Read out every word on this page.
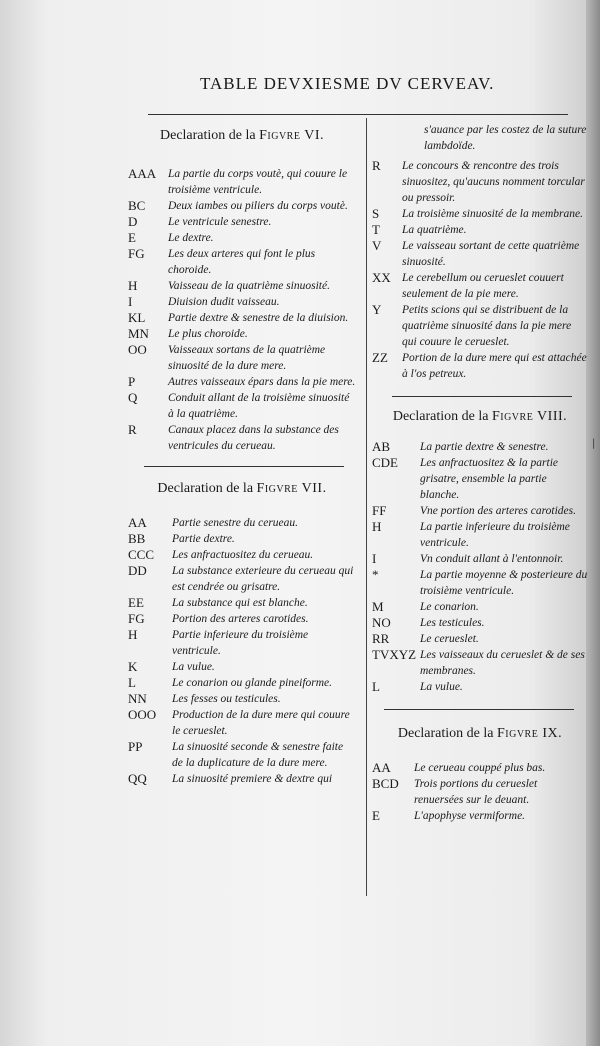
TABLE DEVXIESME DV CERVEAV.

Declaration de la Figvre VI.

AAA	La partie du corps voutè, qui couure le troisième ventricule.
BC	Deux iambes ou piliers du corps voutè.
D	Le ventricule senestre.
E	Le dextre.
FG	Les deux arteres qui font le plus choroide.
H	Vaisseau de la quatrième sinuosité.
I	Diuision dudit vaisseau.
KL	Partie dextre & senestre de la diuision.
MN	Le plus choroide.
OO	Vaisseaux sortans de la quatrième sinuosité de la dure mere.
P	Autres vaisseaux épars dans la pie mere.
Q	Conduit allant de la troisième sinuosité à la quatrième.
R	Canaux placez dans la substance des ventricules du cerueau.

Declaration de la Figvre VII.

AA	Partie senestre du cerueau.
BB	Partie dextre.
CCC	Les anfractuositez du cerueau.
DD	La substance exterieure du cerueau qui est cendrée ou grisatre.
EE	La substance qui est blanche.
FG	Portion des arteres carotides.
H	Partie inferieure du troisième ventricule.
K	La vulue.
L	Le conarion ou glande pineiforme.
NN	Les fesses ou testicules.
OOO	Production de la dure mere qui couure le cerueslet.
PP	La sinuosité seconde & senestre faite de la duplicature de la dure mere.
QQ	La sinuosité premiere & dextre qui
s'auance par les costez de la suture lambdoïde.
R	Le concours & rencontre des trois sinuositez, qu'aucuns nomment torcular ou pressoir.
S	La troisième sinuosité de la membrane.
T	La quatrième.
V	Le vaisseau sortant de cette quatrième sinuosité.
XX Le cerebellum ou cerueslet couuert seulement de la pie mere.
Y	Petits scions qui se distribuent de la quatrième sinuosité dans la pie mere qui couure le cerueslet.
ZZ	Portion de la dure mere qui est attachée à l'os petreux.

Declaration de la Figvre VIII.

AB	La partie dextre & senestre.
CDE	Les anfractuositez & la partie grisatre, ensemble la partie blanche.
FF	Vne portion des arteres carotides.
H	La partie inferieure du troisième ventricule.
I	Vn conduit allant à l'entonnoir.
*	La partie moyenne & posterieure du troisième ventricule.
M	Le conarion.
NO	Les testicules.
RR	Le cerueslet.
TVXYZ Les vaisseaux du cerueslet & de ses membranes.
L	La vulue.

Declaration de la Figvre IX.

AA	Le cerueau couppé plus bas.
BCD	Trois portions du cerueslet renuersées sur le deuant.
E	L'apophyse vermiforme.
|
